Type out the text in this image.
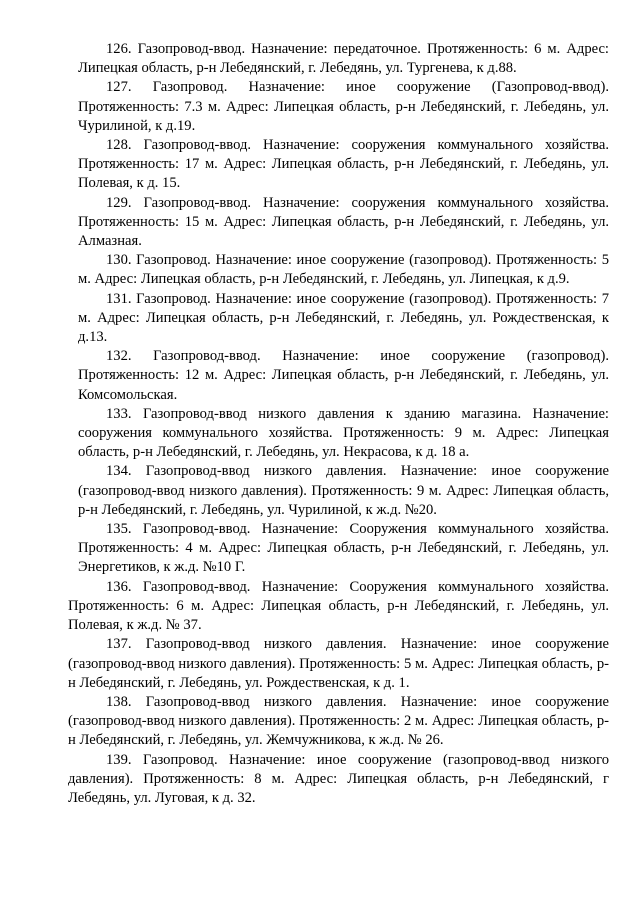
126. Газопровод-ввод. Назначение: передаточное. Протяженность: 6 м. Адрес: Липецкая область, р-н Лебедянский, г. Лебедянь, ул. Тургенева, к д.88.

127. Газопровод. Назначение: иное сооружение (Газопровод-ввод). Протяженность: 7.3 м. Адрес: Липецкая область, р-н Лебедянский, г. Лебедянь, ул. Чурилиной, к д.19.

128. Газопровод-ввод. Назначение: сооружения коммунального хозяйства. Протяженность: 17 м. Адрес: Липецкая область, р-н Лебедянский, г. Лебедянь, ул. Полевая, к д. 15.

129. Газопровод-ввод. Назначение: сооружения коммунального хозяйства. Протяженность: 15 м. Адрес: Липецкая область, р-н Лебедянский, г. Лебедянь, ул. Алмазная.

130. Газопровод. Назначение: иное сооружение (газопровод). Протяженность: 5 м. Адрес: Липецкая область, р-н Лебедянский, г. Лебедянь, ул. Липецкая, к д.9.

131. Газопровод. Назначение: иное сооружение (газопровод). Протяженность: 7 м. Адрес: Липецкая область, р-н Лебедянский, г. Лебедянь, ул. Рождественская, к д.13.

132. Газопровод-ввод. Назначение: иное сооружение (газопровод). Протяженность: 12 м. Адрес: Липецкая область, р-н Лебедянский, г. Лебедянь, ул. Комсомольская.

133. Газопровод-ввод низкого давления к зданию магазина. Назначение: сооружения коммунального хозяйства. Протяженность: 9 м. Адрес: Липецкая область, р-н Лебедянский, г. Лебедянь, ул. Некрасова, к д. 18 а.

134. Газопровод-ввод низкого давления. Назначение: иное сооружение (газопровод-ввод низкого давления). Протяженность: 9 м. Адрес: Липецкая область, р-н Лебедянский, г. Лебедянь, ул. Чурилиной, к ж.д. №20.

135. Газопровод-ввод. Назначение: Сооружения коммунального хозяйства. Протяженность: 4 м. Адрес: Липецкая область, р-н Лебедянский, г. Лебедянь, ул. Энергетиков, к ж.д. №10 Г.

136. Газопровод-ввод. Назначение: Сооружения коммунального хозяйства. Протяженность: 6 м. Адрес: Липецкая область, р-н Лебедянский, г. Лебедянь, ул. Полевая, к ж.д. № 37.

137. Газопровод-ввод низкого давления. Назначение: иное сооружение (газопровод-ввод низкого давления). Протяженность: 5 м. Адрес: Липецкая область, р-н Лебедянский, г. Лебедянь, ул. Рождественская, к д. 1.

138. Газопровод-ввод низкого давления. Назначение: иное сооружение (газопровод-ввод низкого давления). Протяженность: 2 м. Адрес: Липецкая область, р-н Лебедянский, г. Лебедянь, ул. Жемчужникова, к ж.д. № 26.

139. Газопровод. Назначение: иное сооружение (газопровод-ввод низкого давления). Протяженность: 8 м. Адрес: Липецкая область, р-н Лебедянский, г Лебедянь, ул. Луговая, к д. 32.
